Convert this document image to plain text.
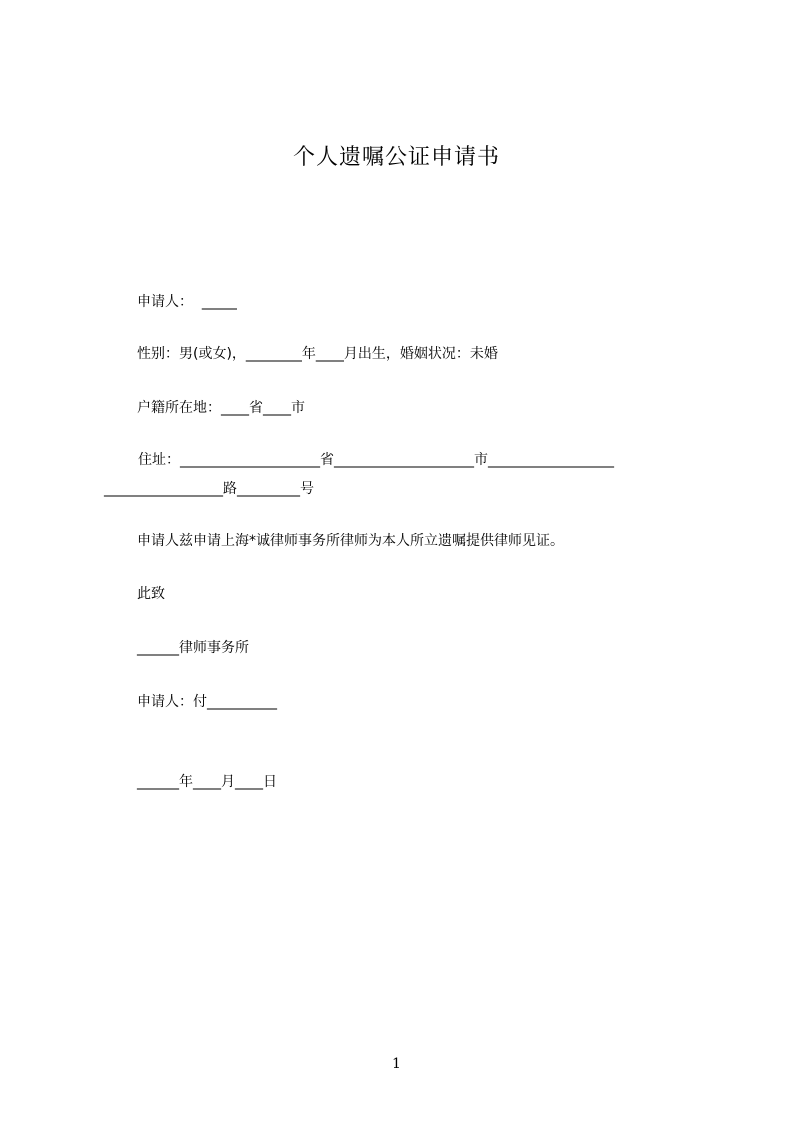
个人遗嘱公证申请书
申请人：  _____
性别：男(或女)，________年____月出生，婚姻状况：未婚
户籍所在地：____省____市
住址：____________________省____________________市__________________
_________________路_________号
申请人兹申请上海*诚律师事务所律师为本人所立遗嘱提供律师见证。
此致
______律师事务所
申请人：付__________
______年____月____日
1
